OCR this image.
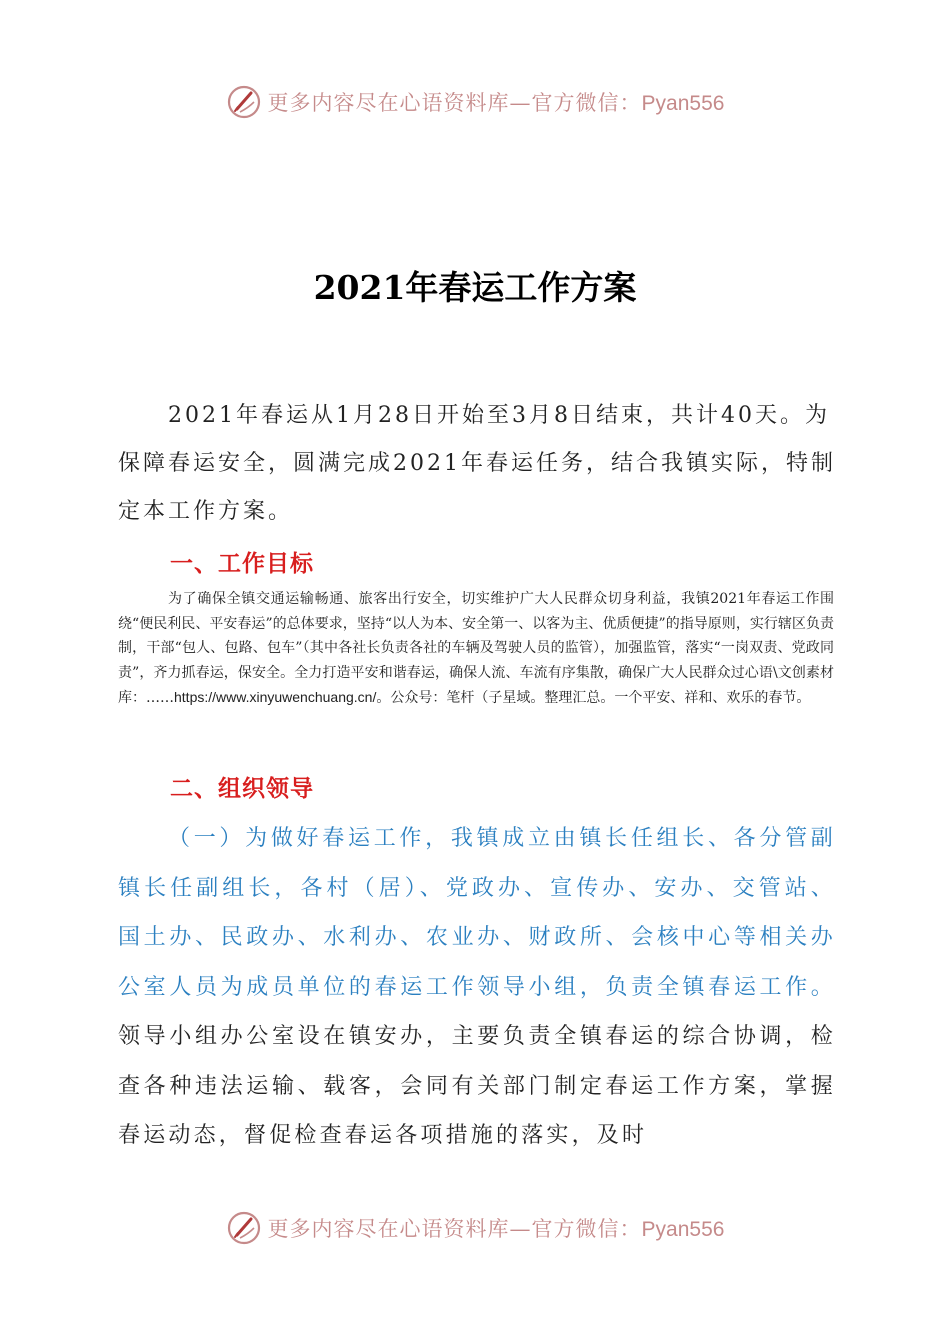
更多内容尽在心语资料库—官方微信：Pyan556
2021年春运工作方案

2021年春运从1月28日开始至3月8日结束，共计40天。为保障春运安全，圆满完成2021年春运任务，结合我镇实际，特制定本工作方案。

一、工作目标

为了确保全镇交通运输畅通、旅客出行安全，切实维护广大人民群众切身利益，我镇2021年春运工作围绕“便民利民、平安春运”的总体要求，坚持“以人为本、安全第一、以客为主、优质便捷”的指导原则，实行辖区负责制，干部“包人、包路、包车”（其中各社长负责各社的车辆及驾驶人员的监管），加强监管，落实“一岗双责、党政同责”，齐力抓春运，保安全。全力打造平安和谐春运，确保人流、车流有序集散，确保广大人民群众过心语\文创素材库：……https://www.xinyuwenchuang.cn/。公众号：笔杆（子星域。整理汇总。一个平安、祥和、欢乐的春节。

二、组织领导

（一）为做好春运工作，我镇成立由镇长任组长、各分管副镇长任副组长，各村（居）、党政办、宣传办、安办、交管站、国土办、民政办、水利办、农业办、财政所、会核中心等相关办公室人员为成员单位的春运工作领导小组，负责全镇春运工作。领导小组办公室设在镇安办，主要负责全镇春运的综合协调，检查各种违法运输、载客，会同有关部门制定春运工作方案，掌握春运动态，督促检查春运各项措施的落实，及时

更多内容尽在心语资料库—官方微信：Pyan556
